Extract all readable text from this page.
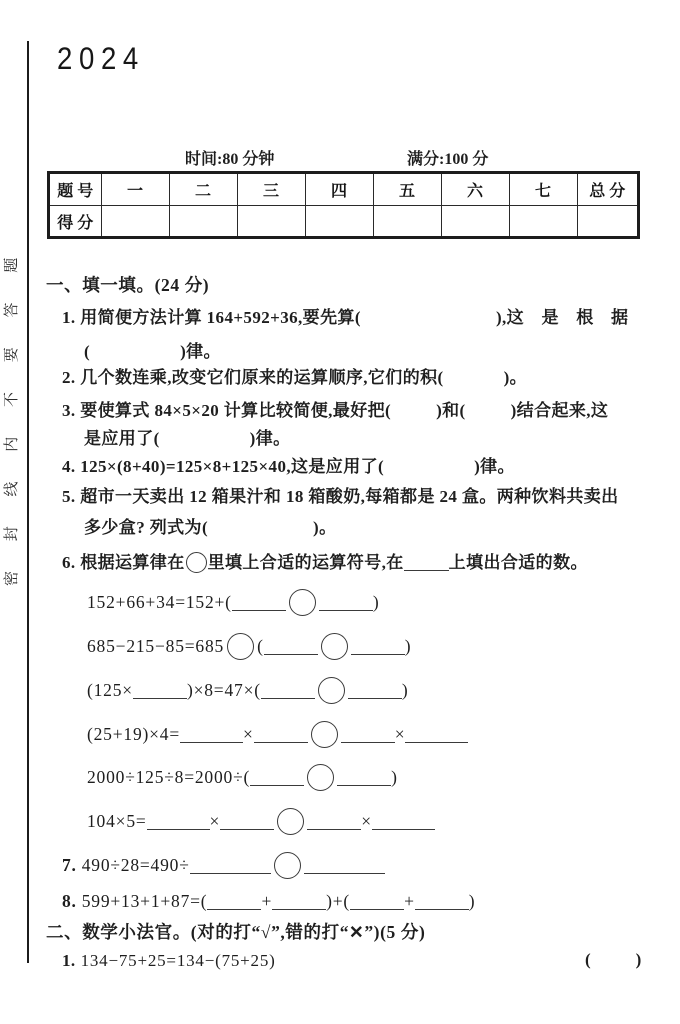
密 封 线 内 不 要 答 题
2024
时间:80 分钟	满分:100 分
题 号	一	二	三	四	五	六	七	总 分
得 分								
一、填一填。(24 分)
1. 用简便方法计算 164+592+36,要先算(	),这　是　根　据
(	)律。
2. 几个数连乘,改变它们原来的运算顺序,它们的积(	)。
3. 要使算式 84×5×20 计算比较简便,最好把(	)和(	)结合起来,这
是应用了(	)律。
4. 125×(8+40)=125×8+125×40,这是应用了(	)律。
5. 超市一天卖出 12 箱果汁和 18 箱酸奶,每箱都是 24 盒。两种饮料共卖出
多少盒? 列式为(	)。
6. 根据运算律在 里填上合适的运算符号,在	上填出合适的数。
152+66+34=152+(	)
685−215−85=685 (	)
(125×	)×8=47×(	)
(25+19)×4=	×	×
2000÷125÷8=2000÷(	)
104×5=	×	×
7. 490÷28=490÷
8. 599+13+1+87=(	+	)+(	+	)
二、数学小法官。(对的打“√”,错的打“✕”)(5 分)
1. 134−75+25=134−(75+25)	(	)
